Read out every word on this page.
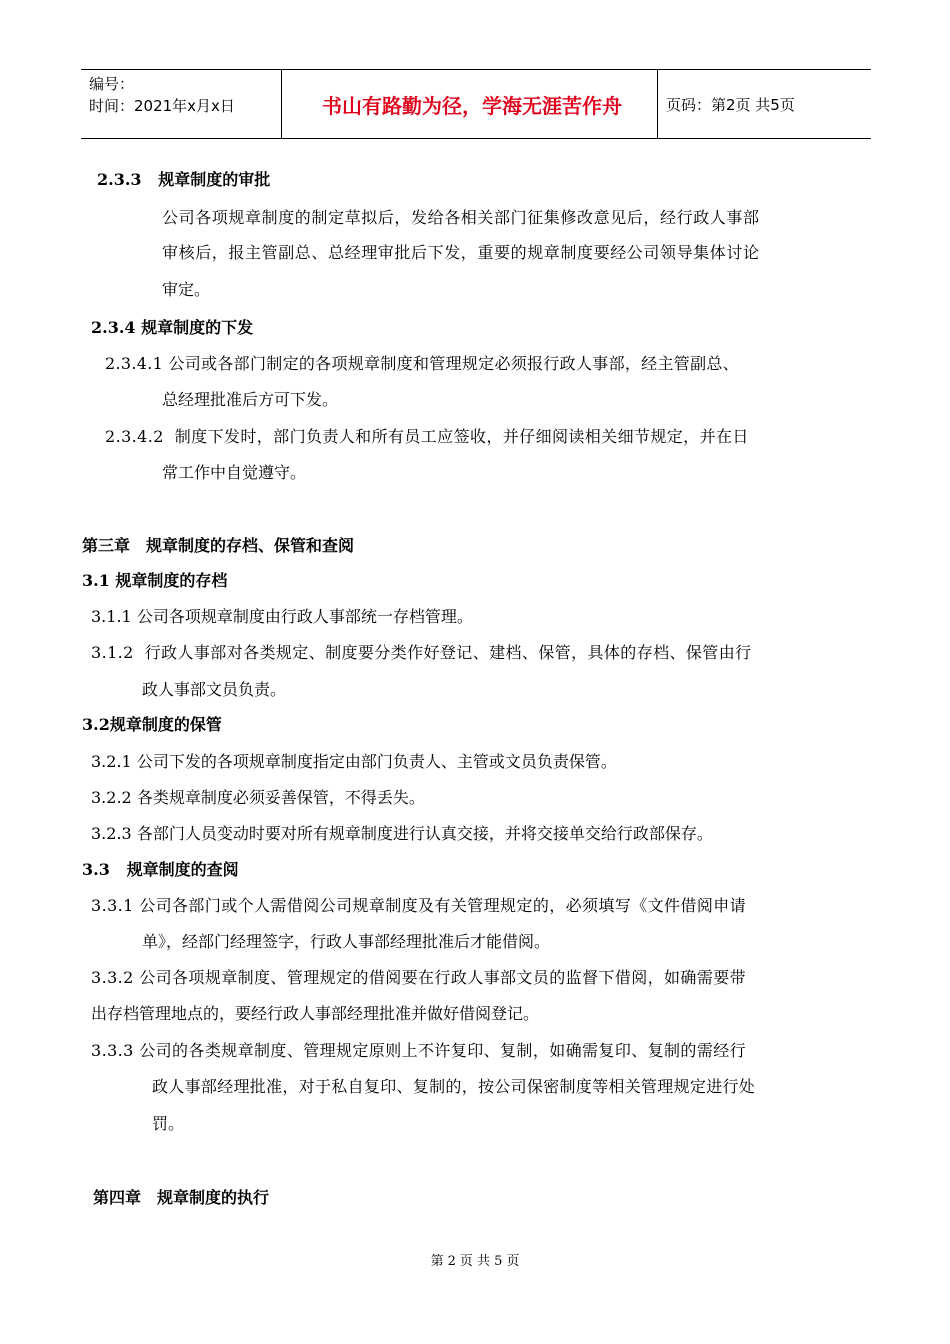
编号：
时间：2021年x月x日	书山有路勤为径，学海无涯苦作舟	页码：第2页 共5页
2.3.3 规章制度的审批
公司各项规章制度的制定草拟后，发给各相关部门征集修改意见后，经行政人事部
审核后，报主管副总、总经理审批后下发，重要的规章制度要经公司领导集体讨论
审定。
2.3.4 规章制度的下发
2.3.4.1 公司或各部门制定的各项规章制度和管理规定必须报行政人事部，经主管副总、
总经理批准后方可下发。
2.3.4.2 制度下发时，部门负责人和所有员工应签收，并仔细阅读相关细节规定，并在日
常工作中自觉遵守。
第三章　规章制度的存档、保管和查阅
3.1 规章制度的存档
3.1.1 公司各项规章制度由行政人事部统一存档管理。
3.1.2 行政人事部对各类规定、制度要分类作好登记、建档、保管，具体的存档、保管由行
政人事部文员负责。
3.2规章制度的保管
3.2.1 公司下发的各项规章制度指定由部门负责人、主管或文员负责保管。
3.2.2 各类规章制度必须妥善保管，不得丢失。
3.2.3 各部门人员变动时要对所有规章制度进行认真交接，并将交接单交给行政部保存。
3.3 规章制度的查阅
3.3.1 公司各部门或个人需借阅公司规章制度及有关管理规定的，必须填写《文件借阅申请
单》，经部门经理签字，行政人事部经理批准后才能借阅。
3.3.2 公司各项规章制度、管理规定的借阅要在行政人事部文员的监督下借阅，如确需要带
出存档管理地点的，要经行政人事部经理批准并做好借阅登记。
3.3.3 公司的各类规章制度、管理规定原则上不许复印、复制，如确需复印、复制的需经行
政人事部经理批准，对于私自复印、复制的，按公司保密制度等相关管理规定进行处
罚。
第四章　规章制度的执行
第 2 页 共 5 页
